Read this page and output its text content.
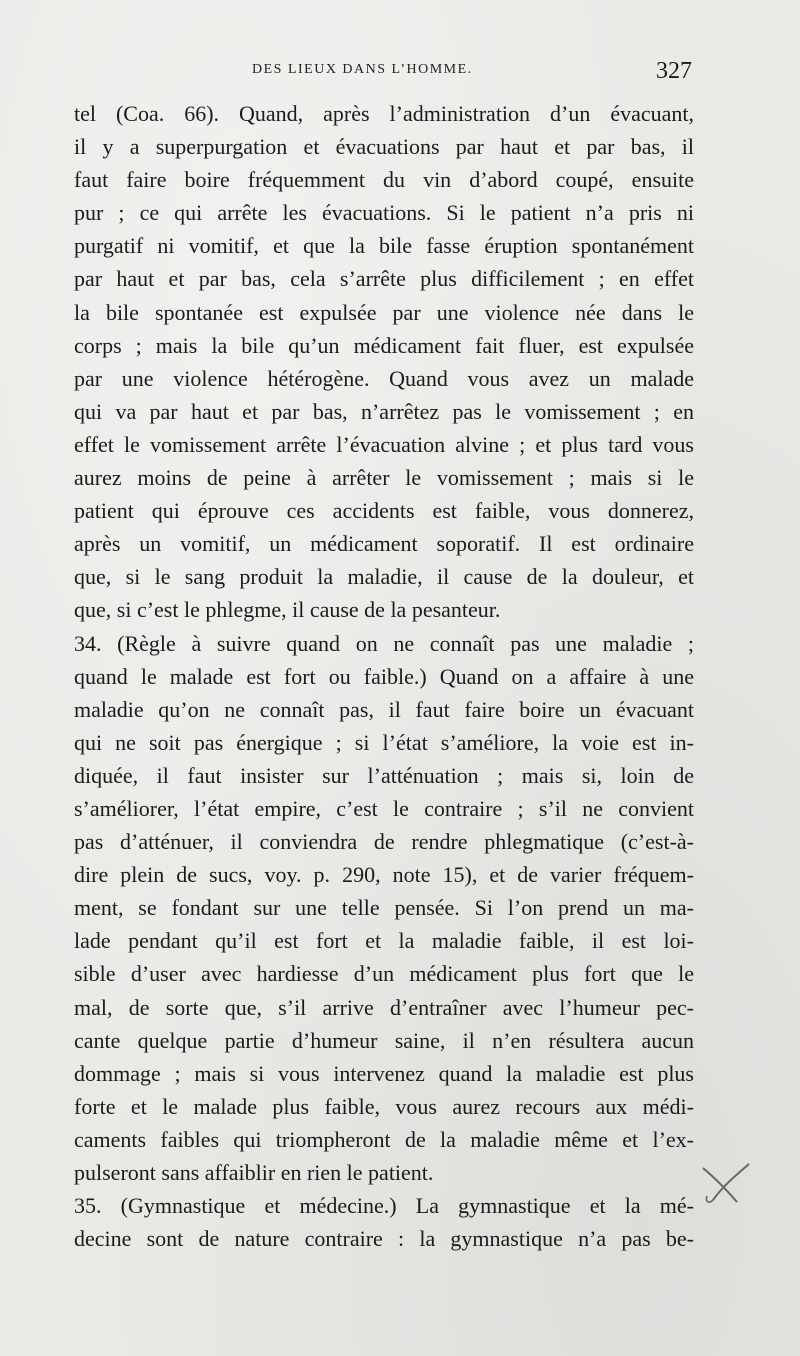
DES LIEUX DANS L’HOMME.	327
tel (Coa. 66). Quand, après l’administration d’un évacuant,
il y a superpurgation et évacuations par haut et par bas, il
faut faire boire fréquemment du vin d’abord coupé, ensuite
pur ; ce qui arrête les évacuations. Si le patient n’a pris ni
purgatif ni vomitif, et que la bile fasse éruption spontanément
par haut et par bas, cela s’arrête plus difficilement ; en effet
la bile spontanée est expulsée par une violence née dans le
corps ; mais la bile qu’un médicament fait fluer, est expulsée
par une violence hétérogène. Quand vous avez un malade
qui va par haut et par bas, n’arrêtez pas le vomissement ; en
effet le vomissement arrête l’évacuation alvine ; et plus tard vous
aurez moins de peine à arrêter le vomissement ; mais si le
patient qui éprouve ces accidents est faible, vous donnerez,
après un vomitif, un médicament soporatif. Il est ordinaire
que, si le sang produit la maladie, il cause de la douleur, et
que, si c’est le phlegme, il cause de la pesanteur.
34. (Règle à suivre quand on ne connaît pas une maladie ;
quand le malade est fort ou faible.) Quand on a affaire à une
maladie qu’on ne connaît pas, il faut faire boire un évacuant
qui ne soit pas énergique ; si l’état s’améliore, la voie est in-
diquée, il faut insister sur l’atténuation ; mais si, loin de
s’améliorer, l’état empire, c’est le contraire ; s’il ne convient
pas d’atténuer, il conviendra de rendre phlegmatique (c’est-à-
dire plein de sucs, voy. p. 290, note 15), et de varier fréquem-
ment, se fondant sur une telle pensée. Si l’on prend un ma-
lade pendant qu’il est fort et la maladie faible, il est loi-
sible d’user avec hardiesse d’un médicament plus fort que le
mal, de sorte que, s’il arrive d’entraîner avec l’humeur pec-
cante quelque partie d’humeur saine, il n’en résultera aucun
dommage ; mais si vous intervenez quand la maladie est plus
forte et le malade plus faible, vous aurez recours aux médi-
caments faibles qui triompheront de la maladie même et l’ex-
pulseront sans affaiblir en rien le patient.
35. (Gymnastique et médecine.) La gymnastique et la mé-
decine sont de nature contraire : la gymnastique n’a pas be-
